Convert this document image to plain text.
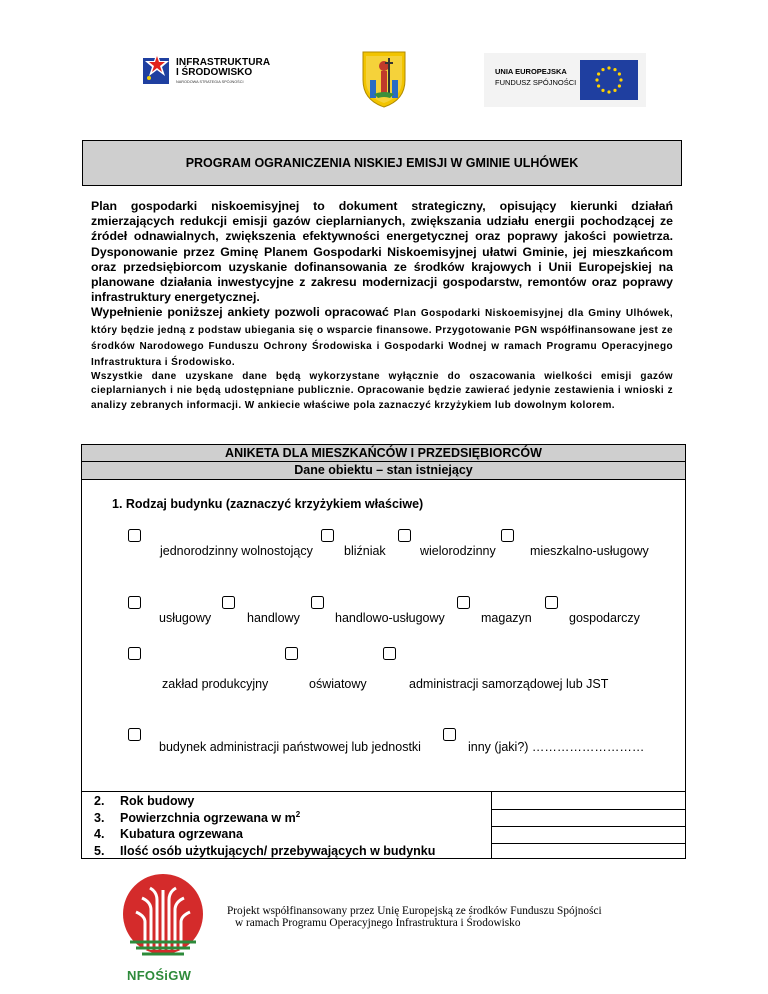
INFRASTRUKTURA
I ŚRODOWISKO
NARODOWA STRATEGIA SPÓJNOŚCI
UNIA EUROPEJSKA
FUNDUSZ SPÓJNOŚCI
PROGRAM OGRANICZENIA NISKIEJ EMISJI W GMINIE ULHÓWEK

Plan gospodarki niskoemisyjnej to dokument strategiczny, opisujący kierunki działań zmierzających redukcji emisji gazów cieplarnianych, zwiększania udziału energii pochodzącej ze źródeł odnawialnych, zwiększenia efektywności energetycznej oraz poprawy jakości powietrza. Dysponowanie przez Gminę Planem Gospodarki Niskoemisyjnej ułatwi Gminie, jej mieszkańcom oraz przedsiębiorcom uzyskanie dofinansowania ze środków krajowych i Unii Europejskiej na planowane działania inwestycyjne z zakresu modernizacji gospodarstw, remontów oraz poprawy infrastruktury energetycznej.

Wypełnienie poniższej ankiety pozwoli opracować Plan Gospodarki Niskoemisyjnej dla Gminy Ulhówek, który będzie jedną z podstaw ubiegania się o wsparcie finansowe. Przygotowanie PGN współfinansowane jest ze środków Narodowego Funduszu Ochrony Środowiska i Gospodarki Wodnej w ramach Programu Operacyjnego Infrastruktura i Środowisko.

Wszystkie dane uzyskane dane będą wykorzystane wyłącznie do oszacowania wielkości emisji gazów cieplarnianych i nie będą udostępniane publicznie. Opracowanie będzie zawierać jedynie zestawienia i wnioski z analizy zebranych informacji. W ankiecie właściwe pola zaznaczyć krzyżykiem lub dowolnym kolorem.

ANIKETA DLA MIESZKAŃCÓW I PRZEDSIĘBIORCÓW
Dane obiektu – stan istniejący
1. Rodzaj budynku (zaznaczyć krzyżykiem właściwe)
jednorodzinny wolnostojący bliźniak	wielorodzinny	mieszkalno-usługowy
usługowy	handlowy	handlowo-usługowy	magazyn	gospodarczy
zakład produkcyjny	oświatowy	administracji samorządowej lub JST
budynek administracji państwowej lub jednostki	inny (jaki?) ………………………
2. Rok budowy
3. Powierzchnia ogrzewana w $m^2$
4. Kubatura ogrzewana
5. Ilość osób użytkujących/ przebywających w budynku
NFOŚiGW
Projekt współfinansowany przez Unię Europejską ze środków Funduszu Spójności
w ramach Programu Operacyjnego Infrastruktura i Środowisko
